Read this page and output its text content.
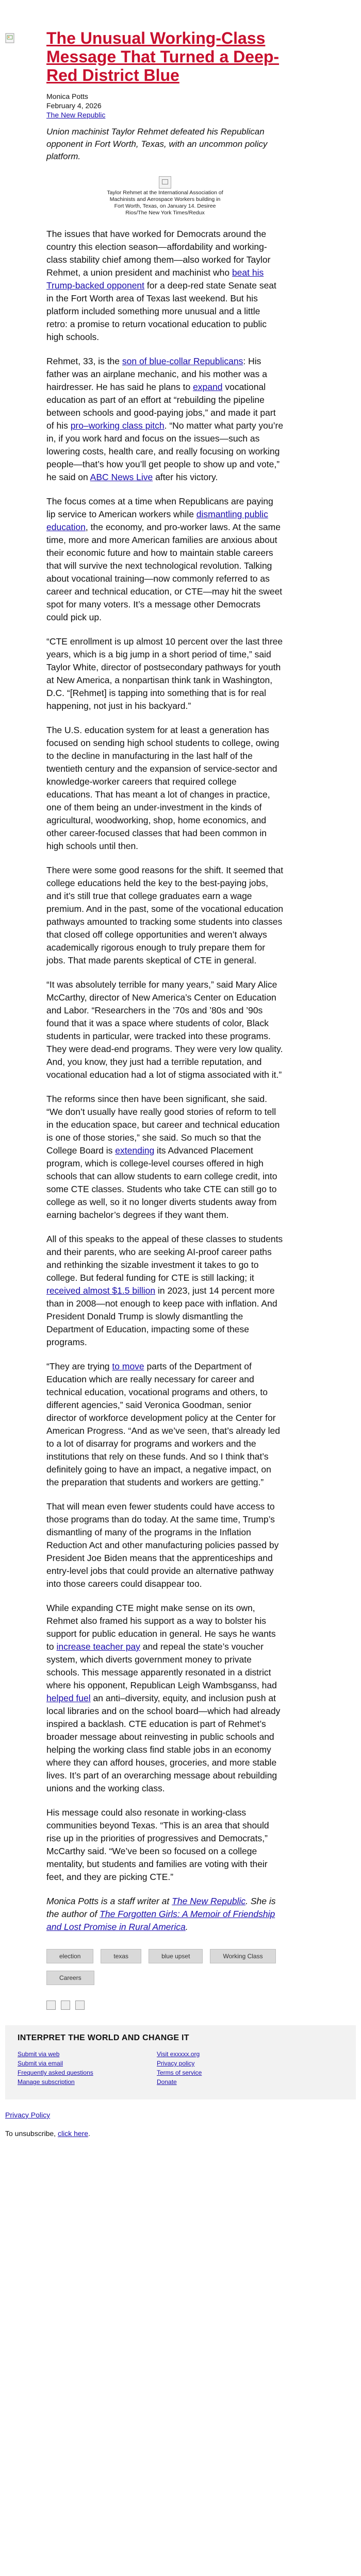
The Unusual Working-Class Message That Turned a Deep-Red District Blue
Monica Potts
February 4, 2026
The New Republic

Union machinist Taylor Rehmet defeated his Republican opponent in Fort Worth, Texas, with an uncommon policy platform.

Taylor Rehmet at the International Association of Machinists and Aerospace Workers building in Fort Worth, Texas, on January 14. Desiree Rios/The New York Times/Redux

The issues that have worked for Democrats around the country this election season—affordability and working-class stability chief among them—also worked for Taylor Rehmet, a union president and machinist who beat his Trump-backed opponent for a deep-red state Senate seat in the Fort Worth area of Texas last weekend. But his platform included something more unusual and a little retro: a promise to return vocational education to public high schools.

Rehmet, 33, is the son of blue-collar Republicans: His father was an airplane mechanic, and his mother was a hairdresser. He has said he plans to expand vocational education as part of an effort at “rebuilding the pipeline between schools and good-paying jobs,” and made it part of his pro–working class pitch. “No matter what party you’re in, if you work hard and focus on the issues—such as lowering costs, health care, and really focusing on working people—that’s how you’ll get people to show up and vote,” he said on ABC News Live after his victory.

The focus comes at a time when Republicans are paying lip service to American workers while dismantling public education, the economy, and pro-worker laws. At the same time, more and more American families are anxious about their economic future and how to maintain stable careers that will survive the next technological revolution. Talking about vocational training—now commonly referred to as career and technical education, or CTE—may hit the sweet spot for many voters. It’s a message other Democrats could pick up.

“CTE enrollment is up almost 10 percent over the last three years, which is a big jump in a short period of time,” said Taylor White, director of postsecondary pathways for youth at New America, a nonpartisan think tank in Washington, D.C. “[Rehmet] is tapping into something that is for real happening, not just in his backyard.”

The U.S. education system for at least a generation has focused on sending high school students to college, owing to the decline in manufacturing in the last half of the twentieth century and the expansion of service-sector and knowledge-worker careers that required college educations. That has meant a lot of changes in practice, one of them being an under-investment in the kinds of agricultural, woodworking, shop, home economics, and other career-focused classes that had been common in high schools until then.

There were some good reasons for the shift. It seemed that college educations held the key to the best-paying jobs, and it’s still true that college graduates earn a wage premium. And in the past, some of the vocational education pathways amounted to tracking some students into classes that closed off college opportunities and weren’t always academically rigorous enough to truly prepare them for jobs. That made parents skeptical of CTE in general.

“It was absolutely terrible for many years,” said Mary Alice McCarthy, director of New America’s Center on Education and Labor. “Researchers in the ’70s and ’80s and ’90s found that it was a space where students of color, Black students in particular, were tracked into these programs. They were dead-end programs. They were very low quality. And, you know, they just had a terrible reputation, and vocational education had a lot of stigma associated with it.”

The reforms since then have been significant, she said. “We don’t usually have really good stories of reform to tell in the education space, but career and technical education is one of those stories,” she said. So much so that the College Board is extending its Advanced Placement program, which is college-level courses offered in high schools that can allow students to earn college credit, into some CTE classes. Students who take CTE can still go to college as well, so it no longer diverts students away from earning bachelor’s degrees if they want them.

All of this speaks to the appeal of these classes to students and their parents, who are seeking AI-proof career paths and rethinking the sizable investment it takes to go to college. But federal funding for CTE is still lacking; it received almost $1.5 billion in 2023, just 14 percent more than in 2008—not enough to keep pace with inflation. And President Donald Trump is slowly dismantling the Department of Education, impacting some of these programs.

“They are trying to move parts of the Department of Education which are really necessary for career and technical education, vocational programs and others, to different agencies,” said Veronica Goodman, senior director of workforce development policy at the Center for American Progress. “And as we’ve seen, that’s already led to a lot of disarray for programs and workers and the institutions that rely on these funds. And so I think that’s definitely going to have an impact, a negative impact, on the preparation that students and workers are getting.”

That will mean even fewer students could have access to those programs than do today. At the same time, Trump’s dismantling of many of the programs in the Inflation Reduction Act and other manufacturing policies passed by President Joe Biden means that the apprenticeships and entry-level jobs that could provide an alternative pathway into those careers could disappear too.

While expanding CTE might make sense on its own, Rehmet also framed his support as a way to bolster his support for public education in general. He says he wants to increase teacher pay and repeal the state’s voucher system, which diverts government money to private schools. This message apparently resonated in a district where his opponent, Republican Leigh Wambsganss, had helped fuel an anti–diversity, equity, and inclusion push at local libraries and on the school board—which had already inspired a backlash. CTE education is part of Rehmet’s broader message about reinvesting in public schools and helping the working class find stable jobs in an economy where they can afford houses, groceries, and more stable lives. It’s part of an overarching message about rebuilding unions and the working class.

His message could also resonate in working-class communities beyond Texas. “This is an area that should rise up in the priorities of progressives and Democrats,” McCarthy said. “We’ve been so focused on a college mentality, but students and families are voting with their feet, and they are picking CTE.”

Monica Potts is a staff writer at The New Republic. She is the author of The Forgotten Girls: A Memoir of Friendship and Lost Promise in Rural America.

election	texas	blue upset	Working Class
Careers
INTERPRET THE WORLD AND CHANGE IT
Submit via web	Visit exxxxx.org
Submit via email	Privacy policy
Frequently asked questions	Terms of service
Manage subscription	Donate

Privacy Policy

To unsubscribe, click here.
